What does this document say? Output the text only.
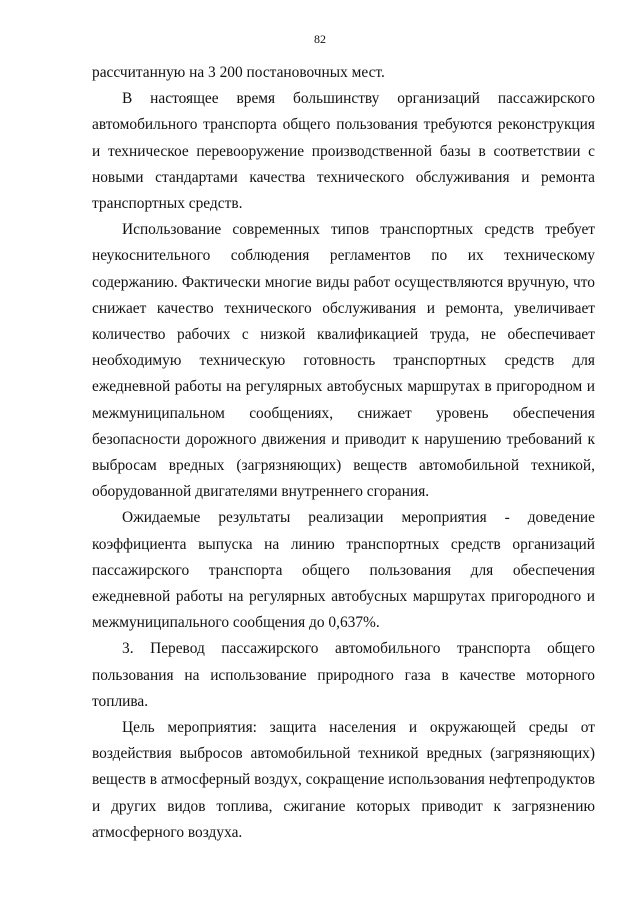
82

рассчитанную на 3 200 постановочных мест.

В настоящее время большинству организаций пассажирского автомобильного транспорта общего пользования требуются реконструкция и техническое перевооружение производственной базы в соответствии с новыми стандартами качества технического обслуживания и ремонта транспортных средств.

Использование современных типов транспортных средств требует неукоснительного соблюдения регламентов по их техническому содержанию. Фактически многие виды работ осуществляются вручную, что снижает качество технического обслуживания и ремонта, увеличивает количество рабочих с низкой квалификацией труда, не обеспечивает необходимую техническую готовность транспортных средств для ежедневной работы на регулярных автобусных маршрутах в пригородном и межмуниципальном сообщениях, снижает уровень обеспечения безопасности дорожного движения и приводит к нарушению требований к выбросам вредных (загрязняющих) веществ автомобильной техникой, оборудованной двигателями внутреннего сгорания.

Ожидаемые результаты реализации мероприятия - доведение коэффициента выпуска на линию транспортных средств организаций пассажирского транспорта общего пользования для обеспечения ежедневной работы на регулярных автобусных маршрутах пригородного и межмуниципального сообщения до 0,637%.

3. Перевод пассажирского автомобильного транспорта общего пользования на использование природного газа в качестве моторного топлива.

Цель мероприятия: защита населения и окружающей среды от воздействия выбросов автомобильной техникой вредных (загрязняющих) веществ в атмосферный воздух, сокращение использования нефтепродуктов и других видов топлива, сжигание которых приводит к загрязнению атмосферного воздуха.
